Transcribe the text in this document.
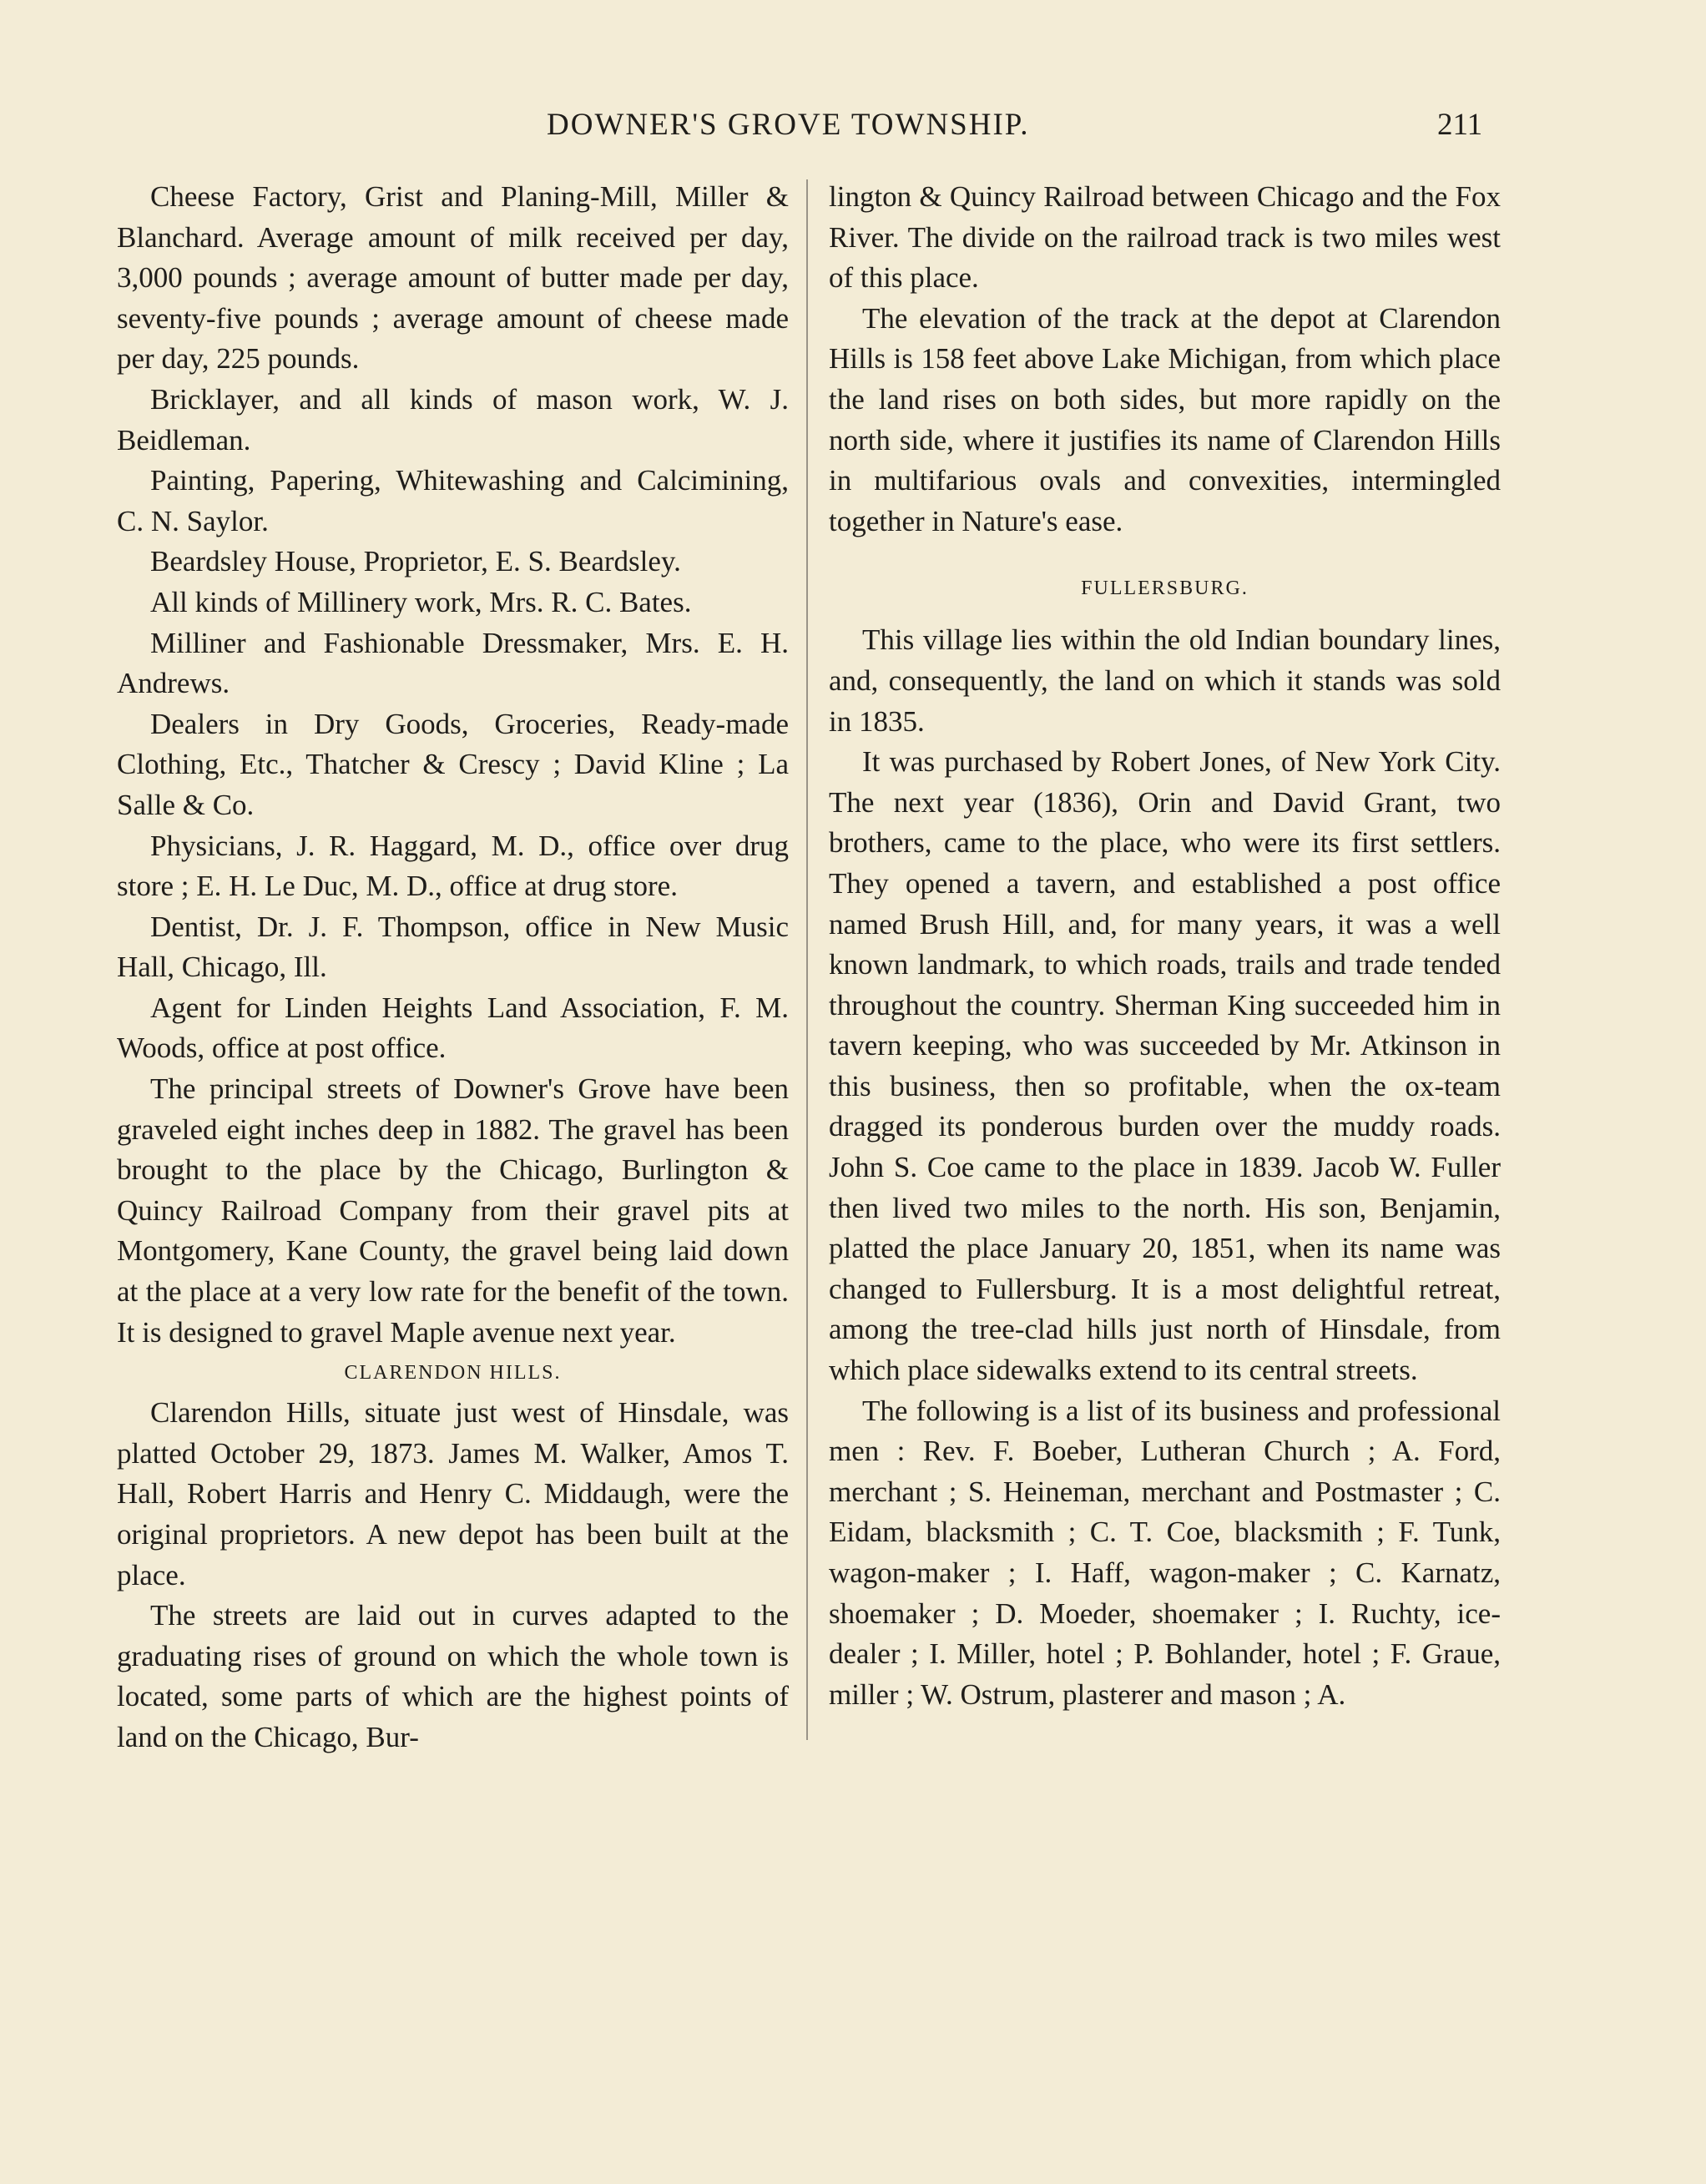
DOWNER'S GROVE TOWNSHIP.	211

Cheese Factory, Grist and Planing-Mill, Miller & Blanchard. Average amount of milk received per day, 3,000 pounds ; average amount of butter made per day, seventy-five pounds ; average amount of cheese made per day, 225 pounds.

Bricklayer, and all kinds of mason work, W. J. Beidleman.

Painting, Papering, Whitewashing and Calcimining, C. N. Saylor.

Beardsley House, Proprietor, E. S. Beardsley.

All kinds of Millinery work, Mrs. R. C. Bates.

Milliner and Fashionable Dressmaker, Mrs. E. H. Andrews.

Dealers in Dry Goods, Groceries, Ready-made Clothing, Etc., Thatcher & Crescy ; David Kline ; La Salle & Co.

Physicians, J. R. Haggard, M. D., office over drug store ; E. H. Le Duc, M. D., office at drug store.

Dentist, Dr. J. F. Thompson, office in New Music Hall, Chicago, Ill.

Agent for Linden Heights Land Association, F. M. Woods, office at post office.

The principal streets of Downer's Grove have been graveled eight inches deep in 1882. The gravel has been brought to the place by the Chicago, Burlington & Quincy Railroad Company from their gravel pits at Montgomery, Kane County, the gravel being laid down at the place at a very low rate for the benefit of the town. It is designed to gravel Maple avenue next year.

CLARENDON HILLS.

Clarendon Hills, situate just west of Hinsdale, was platted October 29, 1873. James M. Walker, Amos T. Hall, Robert Harris and Henry C. Middaugh, were the original proprietors. A new depot has been built at the place.

The streets are laid out in curves adapted to the graduating rises of ground on which the whole town is located, some parts of which are the highest points of land on the Chicago, Bur-

lington & Quincy Railroad between Chicago and the Fox River. The divide on the railroad track is two miles west of this place.

The elevation of the track at the depot at Clarendon Hills is 158 feet above Lake Michigan, from which place the land rises on both sides, but more rapidly on the north side, where it justifies its name of Clarendon Hills in multifarious ovals and convexities, intermingled together in Nature's ease.

FULLERSBURG.

This village lies within the old Indian boundary lines, and, consequently, the land on which it stands was sold in 1835.

It was purchased by Robert Jones, of New York City. The next year (1836), Orin and David Grant, two brothers, came to the place, who were its first settlers. They opened a tavern, and established a post office named Brush Hill, and, for many years, it was a well known landmark, to which roads, trails and trade tended throughout the country. Sherman King succeeded him in tavern keeping, who was succeeded by Mr. Atkinson in this business, then so profitable, when the ox-team dragged its ponderous burden over the muddy roads. John S. Coe came to the place in 1839. Jacob W. Fuller then lived two miles to the north. His son, Benjamin, platted the place January 20, 1851, when its name was changed to Fullersburg. It is a most delightful retreat, among the tree-clad hills just north of Hinsdale, from which place sidewalks extend to its central streets.

The following is a list of its business and professional men : Rev. F. Boeber, Lutheran Church ; A. Ford, merchant ; S. Heineman, merchant and Postmaster ; C. Eidam, blacksmith ; C. T. Coe, blacksmith ; F. Tunk, wagon-maker ; I. Haff, wagon-maker ; C. Karnatz, shoemaker ; D. Moeder, shoemaker ; I. Ruchty, ice-dealer ; I. Miller, hotel ; P. Bohlander, hotel ; F. Graue, miller ; W. Ostrum, plasterer and mason ; A.
